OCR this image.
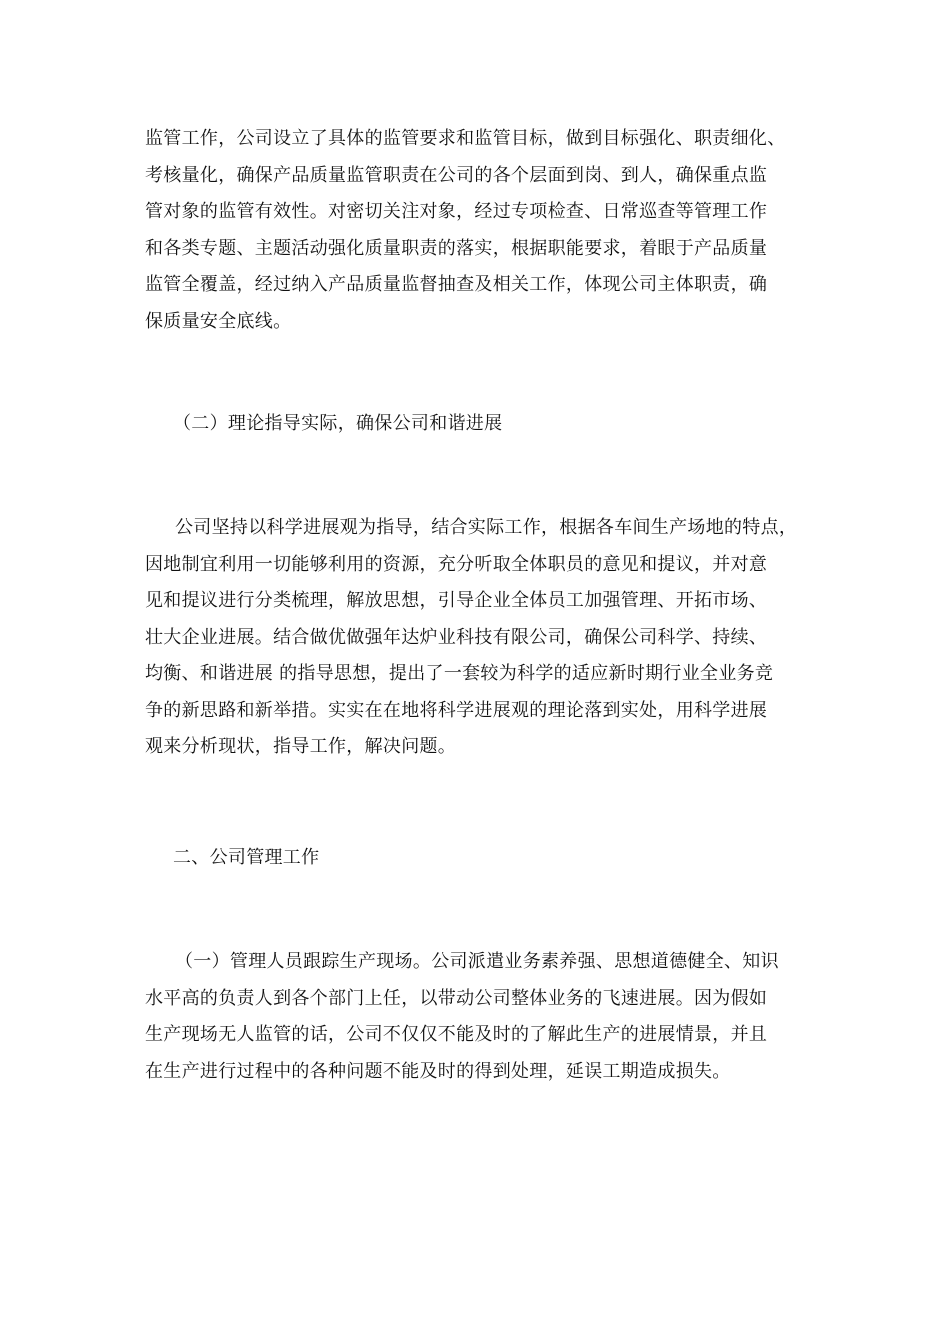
监管工作，公司设立了具体的监管要求和监管目标，做到目标强化、职责细化、
考核量化，确保产品质量监管职责在公司的各个层面到岗、到人，确保重点监
管对象的监管有效性。对密切关注对象，经过专项检查、日常巡查等管理工作
和各类专题、主题活动强化质量职责的落实，根据职能要求，着眼于产品质量
监管全覆盖，经过纳入产品质量监督抽查及相关工作，体现公司主体职责，确
保质量安全底线。
（二）理论指导实际，确保公司和谐进展
公司坚持以科学进展观为指导，结合实际工作，根据各车间生产场地的特点，
因地制宜利用一切能够利用的资源，充分听取全体职员的意见和提议，并对意
见和提议进行分类梳理，解放思想，引导企业全体员工加强管理、开拓市场、
壮大企业进展。结合做优做强年达炉业科技有限公司，确保公司科学、持续、
均衡、和谐进展 的指导思想，提出了一套较为科学的适应新时期行业全业务竞
争的新思路和新举措。实实在在地将科学进展观的理论落到实处，用科学进展
观来分析现状，指导工作，解决问题。
二、公司管理工作
（一）管理人员跟踪生产现场。公司派遣业务素养强、思想道德健全、知识
水平高的负责人到各个部门上任，以带动公司整体业务的飞速进展。因为假如
生产现场无人监管的话，公司不仅仅不能及时的了解此生产的进展情景，并且
在生产进行过程中的各种问题不能及时的得到处理，延误工期造成损失。
